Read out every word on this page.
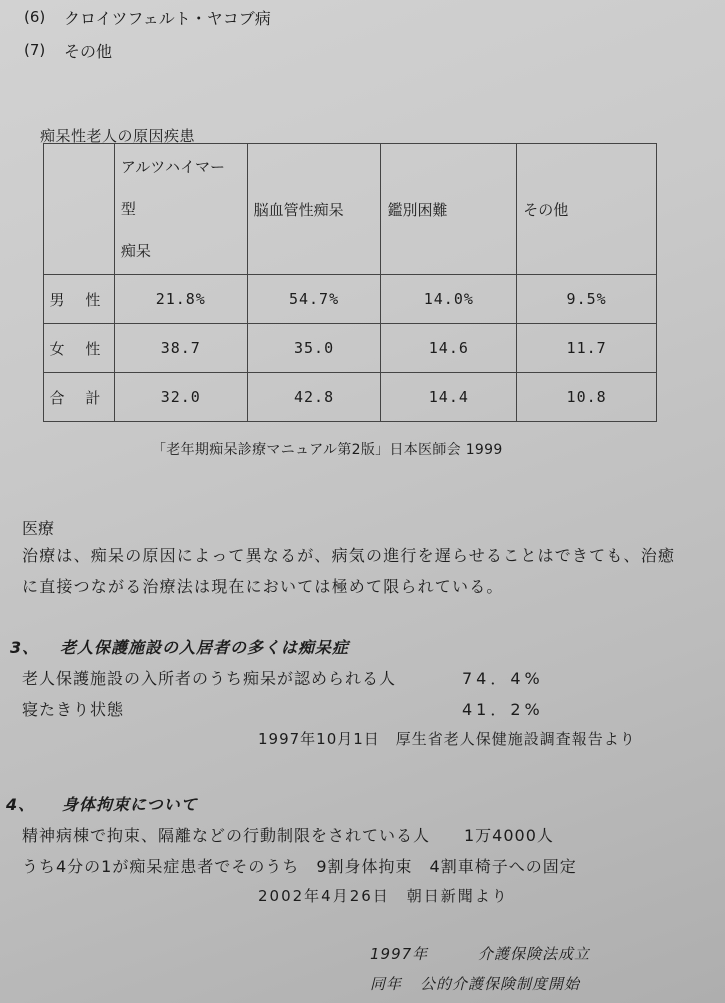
(6) クロイツフェルト・ヤコブ病
(7) その他
痴呆性老人の原因疾患

	アルツハイマー
型
痴呆	脳血管性痴呆	鑑別困難	その他
男 性	21.8%	54.7%	14.0%	9.5%
女 性	38.7	35.0	14.6	11.7
合 計	32.0	42.8	14.4	10.8
「老年期痴呆診療マニュアル第2版」日本医師会 1999
医療
治療は、痴呆の原因によって異なるが、病気の進行を遅らせることはできても、治癒
に直接つながる治療法は現在においては極めて限られている。
3、 老人保護施設の入居者の多くは痴呆症
老人保護施設の入所者のうち痴呆が認められる人	74．4%
寝たきり状態	41．2%
1997年10月1日　厚生省老人保健施設調査報告より
4、 身体拘束について
精神病棟で拘束、隔離などの行動制限をされている人　　1万4000人
うち4分の1が痴呆症患者でそのうち　9割身体拘束　4割車椅子への固定
2002年4月26日　朝日新聞より
1997年	介護保険法成立
同年 公的介護保険制度開始
